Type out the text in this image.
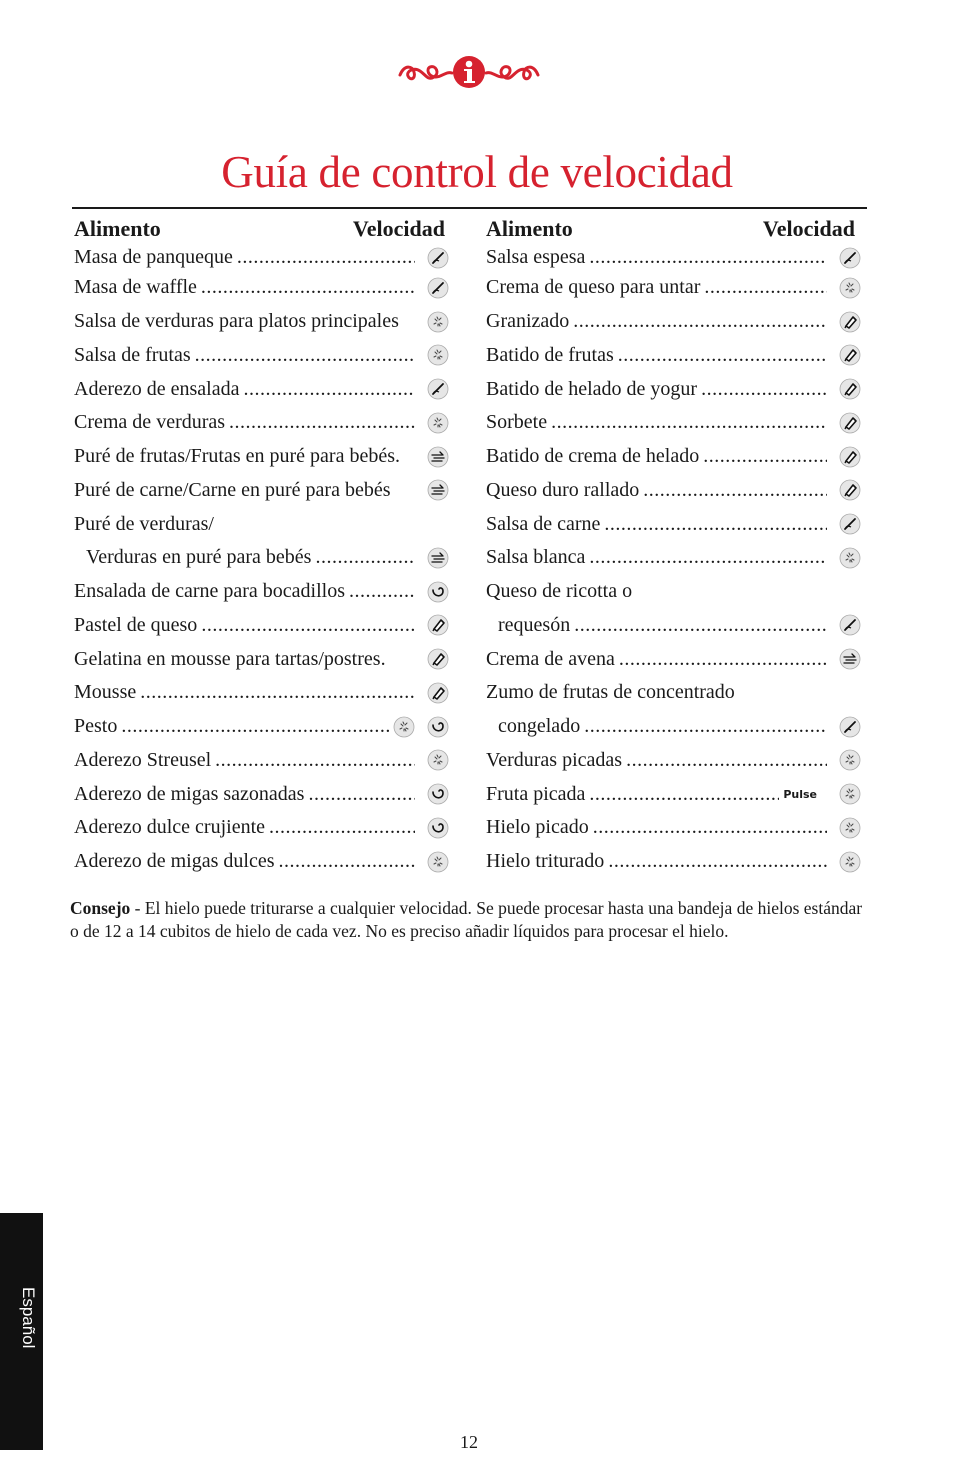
Guía de control de velocidad
Alimento	Velocidad
Masa de panqueque
.....
Masa de waffle
.....
Salsa de verduras para platos principales
Salsa de frutas
.....
Aderezo de ensalada
.....
Crema de verduras
.....
Puré de frutas/Frutas en puré para bebés.
Puré de carne/Carne en puré para bebés
Puré de verduras/
Verduras en puré para bebés
.....
Ensalada de carne para bocadillos
.....
Pastel de queso
.....
Gelatina en mousse para tartas/postres.
Mousse
.....
Pesto
.....
Aderezo Streusel
.....
Aderezo de migas sazonadas
.....
Aderezo dulce crujiente
.....
Aderezo de migas dulces
.....
Alimento	Velocidad
Salsa espesa
.....
Crema de queso para untar
.....
Granizado
.....
Batido de frutas
.....
Batido de helado de yogur
.....
Sorbete
.....
Batido de crema de helado
.....
Queso duro rallado
.....
Salsa de carne
.....
Salsa blanca
.....
Queso de ricotta o
requesón
.....
Crema de avena
.....
Zumo de frutas de concentrado
congelado
.....
Verduras picadas
.....
Fruta picada
.....	Pulse
Hielo picado
.....
Hielo triturado
.....
Consejo - El hielo puede triturarse a cualquier velocidad. Se puede procesar hasta una bandeja de hielos estándar o de 12 a 14 cubitos de hielo de cada vez. No es preciso añadir líquidos para procesar el hielo.
Español
12
